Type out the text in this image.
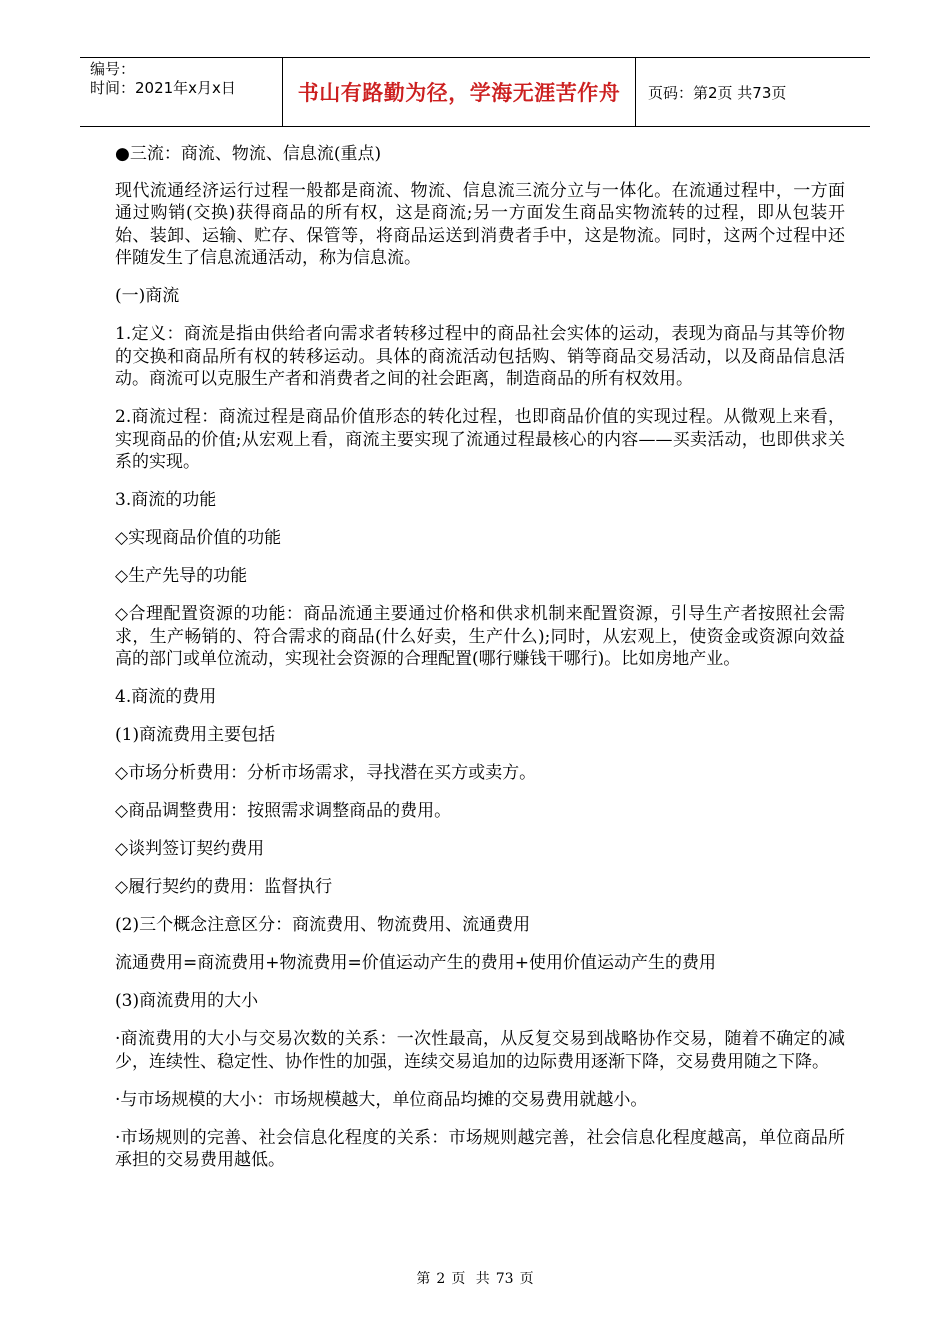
编号：
时间：2021年x月x日	书山有路勤为径，学海无涯苦作舟	页码：第2页 共73页

●三流：商流、物流、信息流(重点)

现代流通经济运行过程一般都是商流、物流、信息流三流分立与一体化。在流通过程中，一方面通过购销(交换)获得商品的所有权，这是商流;另一方面发生商品实物流转的过程，即从包装开始、装卸、运输、贮存、保管等，将商品运送到消费者手中，这是物流。同时，这两个过程中还伴随发生了信息流通活动，称为信息流。

(一)商流

1.定义：商流是指由供给者向需求者转移过程中的商品社会实体的运动，表现为商品与其等价物的交换和商品所有权的转移运动。具体的商流活动包括购、销等商品交易活动，以及商品信息活动。商流可以克服生产者和消费者之间的社会距离，制造商品的所有权效用。

2.商流过程：商流过程是商品价值形态的转化过程，也即商品价值的实现过程。从微观上来看，实现商品的价值;从宏观上看，商流主要实现了流通过程最核心的内容——买卖活动，也即供求关系的实现。

3.商流的功能

◇实现商品价值的功能

◇生产先导的功能

◇合理配置资源的功能：商品流通主要通过价格和供求机制来配置资源，引导生产者按照社会需求，生产畅销的、符合需求的商品(什么好卖，生产什么);同时，从宏观上，使资金或资源向效益高的部门或单位流动，实现社会资源的合理配置(哪行赚钱干哪行)。比如房地产业。

4.商流的费用

(1)商流费用主要包括

◇市场分析费用：分析市场需求，寻找潜在买方或卖方。

◇商品调整费用：按照需求调整商品的费用。

◇谈判签订契约费用

◇履行契约的费用：监督执行

(2)三个概念注意区分：商流费用、物流费用、流通费用

流通费用=商流费用+物流费用=价值运动产生的费用+使用价值运动产生的费用

(3)商流费用的大小

·商流费用的大小与交易次数的关系：一次性最高，从反复交易到战略协作交易，随着不确定的减少，连续性、稳定性、协作性的加强，连续交易追加的边际费用逐渐下降，交易费用随之下降。

·与市场规模的大小：市场规模越大，单位商品均摊的交易费用就越小。

·市场规则的完善、社会信息化程度的关系：市场规则越完善，社会信息化程度越高，单位商品所承担的交易费用越低。

第 2 页 共 73 页
